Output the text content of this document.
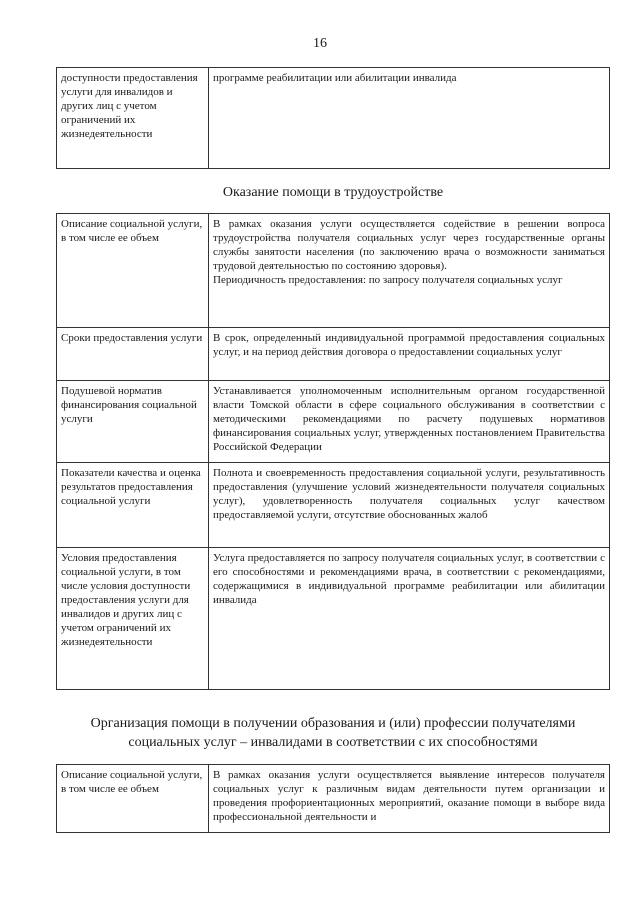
16
доступности предоставления услуги для инвалидов и других лиц с учетом ограничений их жизнедеятельности	программе реабилитации или абилитации инвалида
Оказание помощи в трудоустройстве
Описание социальной услуги, в том числе ее объем	В рамках оказания услуги осуществляется содействие в решении вопроса трудоустройства получателя социальных услуг через государственные органы службы занятости населения (по заключению врача о возможности заниматься трудовой деятельностью по состоянию здоровья).
Периодичность предоставления: по запросу получателя социальных услуг

Сроки предоставления услуги	В срок, определенный индивидуальной программой предоставления социальных услуг, и на период действия договора о предоставлении социальных услуг
Подушевой норматив финансирования социальной услуги	Устанавливается уполномоченным исполнительным органом государственной власти Томской области в сфере социального обслуживания в соответствии с методическими рекомендациями по расчету подушевых нормативов финансирования социальных услуг, утвержденных постановлением Правительства Российской Федерации
Показатели качества и оценка результатов предоставления социальной услуги	Полнота и своевременность предоставления социальной услуги, результативность предоставления (улучшение условий жизнедеятельности получателя социальных услуг), удовлетворенность получателя социальных услуг качеством предоставляемой услуги, отсутствие обоснованных жалоб
Условия предоставления социальной услуги, в том числе условия доступности предоставления услуги для инвалидов и других лиц с учетом ограничений их жизнедеятельности	Услуга предоставляется по запросу получателя социальных услуг, в соответствии с его способностями и рекомендациями врача, в соответствии с рекомендациями, содержащимися в индивидуальной программе реабилитации или абилитации инвалида
Организация помощи в получении образования и (или) профессии получателями
социальных услуг – инвалидами в соответствии с их способностями
Описание социальной услуги, в том числе ее объем	В рамках оказания услуги осуществляется выявление интересов получателя социальных услуг к различным видам деятельности путем организации и проведения профориентационных мероприятий, оказание помощи в выборе вида профессиональной деятельности и
